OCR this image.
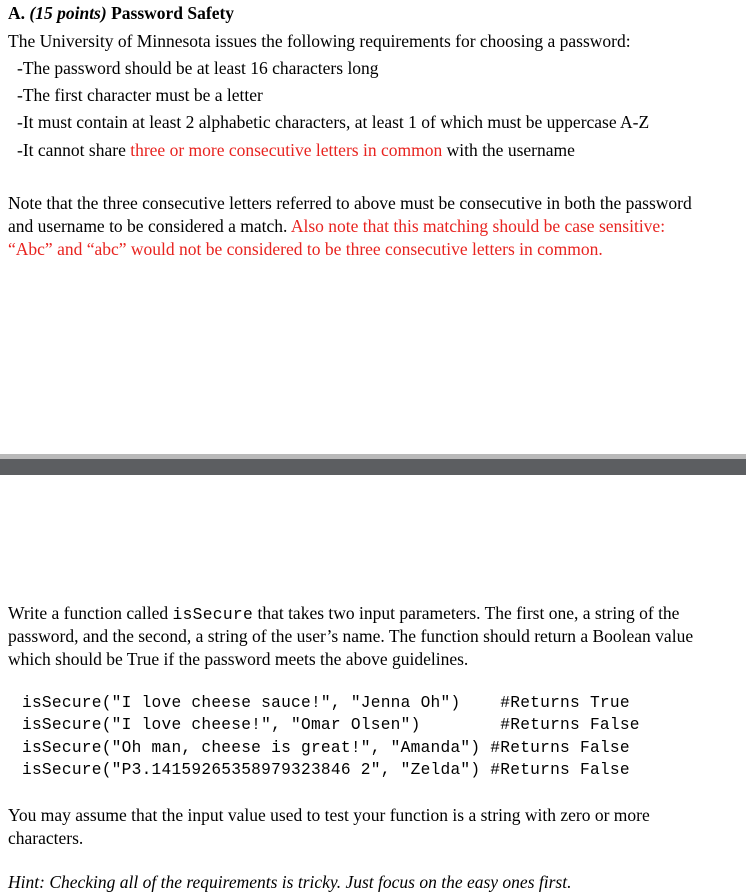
A. (15 points) Password Safety
The University of Minnesota issues the following requirements for choosing a password:
-The password should be at least 16 characters long
-The first character must be a letter
-It must contain at least 2 alphabetic characters, at least 1 of which must be uppercase A-Z
-It cannot share three or more consecutive letters in common with the username
Note that the three consecutive letters referred to above must be consecutive in both the password
and username to be considered a match. Also note that this matching should be case sensitive:
“Abc” and “abc” would not be considered to be three consecutive letters in common.
Write a function called isSecure that takes two input parameters. The first one, a string of the
password, and the second, a string of the user’s name. The function should return a Boolean value
which should be True if the password meets the above guidelines.
isSecure("I love cheese sauce!", "Jenna Oh")    #Returns True
isSecure("I love cheese!", "Omar Olsen")        #Returns False
isSecure("Oh man, cheese is great!", "Amanda") #Returns False
isSecure("P3.14159265358979323846 2", "Zelda") #Returns False
You may assume that the input value used to test your function is a string with zero or more
characters.
Hint: Checking all of the requirements is tricky. Just focus on the easy ones first.
